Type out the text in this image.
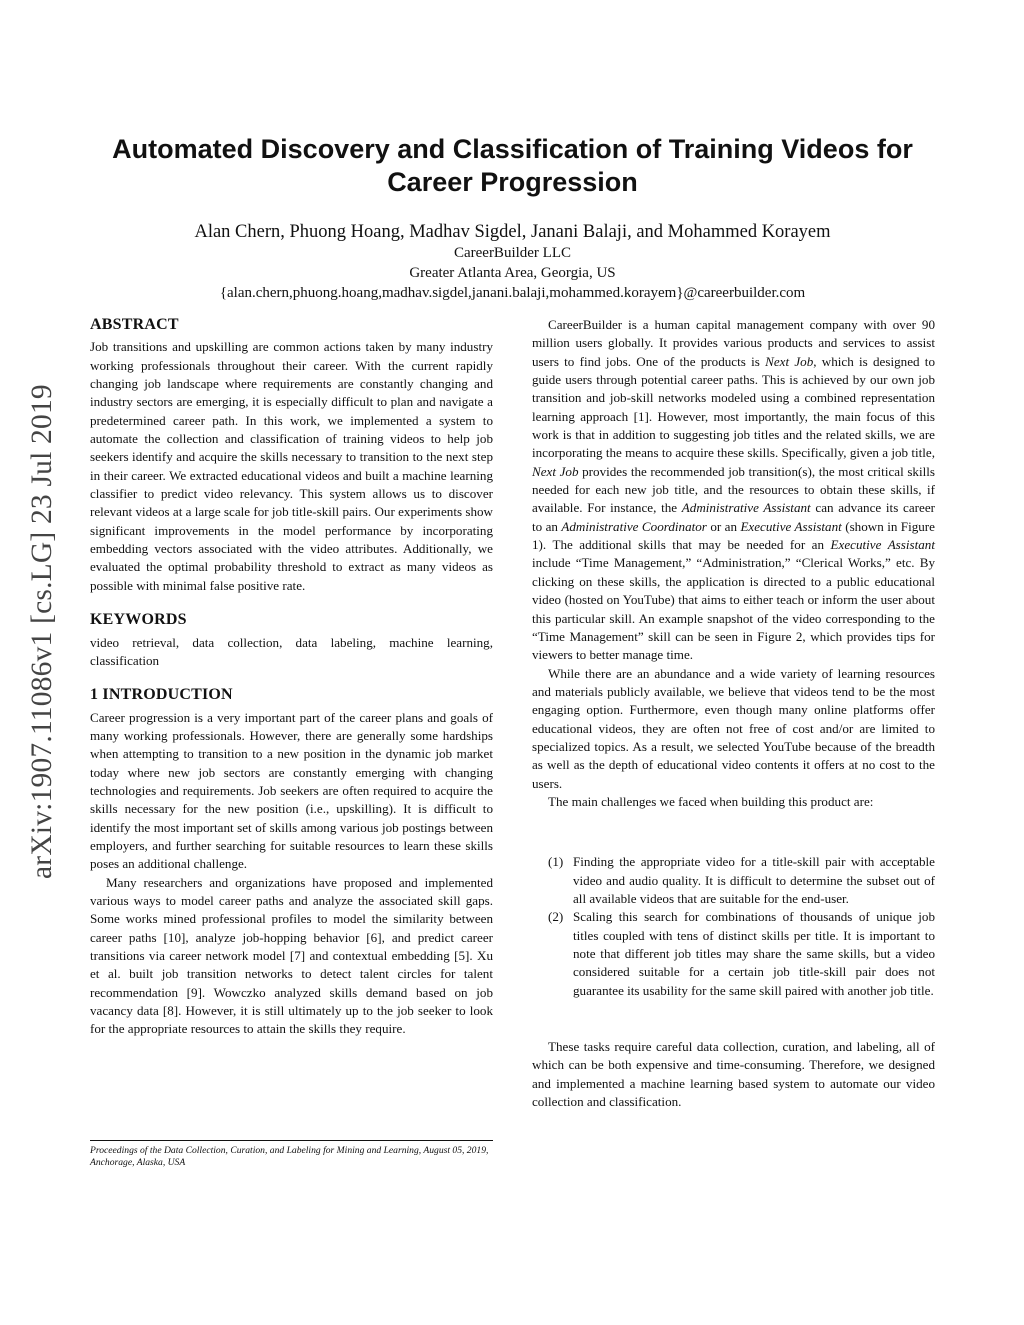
arXiv:1907.11086v1 [cs.LG] 23 Jul 2019
Automated Discovery and Classification of Training Videos for
Career Progression
Alan Chern, Phuong Hoang, Madhav Sigdel, Janani Balaji, and Mohammed Korayem
CareerBuilder LLC
Greater Atlanta Area, Georgia, US
{alan.chern,phuong.hoang,madhav.sigdel,janani.balaji,mohammed.korayem}@careerbuilder.com
ABSTRACT

Job transitions and upskilling are common actions taken by many industry working professionals throughout their career. With the current rapidly changing job landscape where requirements are constantly changing and industry sectors are emerging, it is especially difficult to plan and navigate a predetermined career path. In this work, we implemented a system to automate the collection and classification of training videos to help job seekers identify and acquire the skills necessary to transition to the next step in their career. We extracted educational videos and built a machine learning classifier to predict video relevancy. This system allows us to discover relevant videos at a large scale for job title-skill pairs. Our experiments show significant improvements in the model performance by incorporating embedding vectors associated with the video attributes. Additionally, we evaluated the optimal probability threshold to extract as many videos as possible with minimal false positive rate.

KEYWORDS

video retrieval, data collection, data labeling, machine learning, classification

1 INTRODUCTION

Career progression is a very important part of the career plans and goals of many working professionals. However, there are generally some hardships when attempting to transition to a new position in the dynamic job market today where new job sectors are constantly emerging with changing technologies and requirements. Job seekers are often required to acquire the skills necessary for the new position (i.e., upskilling). It is difficult to identify the most important set of skills among various job postings between employers, and further searching for suitable resources to learn these skills poses an additional challenge.

Many researchers and organizations have proposed and implemented various ways to model career paths and analyze the associated skill gaps. Some works mined professional profiles to model the similarity between career paths [10], analyze job-hopping behavior [6], and predict career transitions via career network model [7] and contextual embedding [5]. Xu et al. built job transition networks to detect talent circles for talent recommendation [9]. Wowczko analyzed skills demand based on job vacancy data [8]. However, it is still ultimately up to the job seeker to look for the appropriate resources to attain the skills they require.

Proceedings of the Data Collection, Curation, and Labeling for Mining and Learning, August 05, 2019, Anchorage, Alaska, USA

CareerBuilder is a human capital management company with over 90 million users globally. It provides various products and services to assist users to find jobs. One of the products is Next Job, which is designed to guide users through potential career paths. This is achieved by our own job transition and job-skill networks modeled using a combined representation learning approach [1]. However, most importantly, the main focus of this work is that in addition to suggesting job titles and the related skills, we are incorporating the means to acquire these skills. Specifically, given a job title, Next Job provides the recommended job transition(s), the most critical skills needed for each new job title, and the resources to obtain these skills, if available. For instance, the Administrative Assistant can advance its career to an Administrative Coordinator or an Executive Assistant (shown in Figure 1). The additional skills that may be needed for an Executive Assistant include “Time Management,” “Administration,” “Clerical Works,” etc. By clicking on these skills, the application is directed to a public educational video (hosted on YouTube) that aims to either teach or inform the user about this particular skill. An example snapshot of the video corresponding to the “Time Management” skill can be seen in Figure 2, which provides tips for viewers to better manage time.

While there are an abundance and a wide variety of learning resources and materials publicly available, we believe that videos tend to be the most engaging option. Furthermore, even though many online platforms offer educational videos, they are often not free of cost and/or are limited to specialized topics. As a result, we selected YouTube because of the breadth as well as the depth of educational video contents it offers at no cost to the users.

The main challenges we faced when building this product are:

(1) Finding the appropriate video for a title-skill pair with acceptable video and audio quality. It is difficult to determine the subset out of all available videos that are suitable for the end-user.
(2) Scaling this search for combinations of thousands of unique job titles coupled with tens of distinct skills per title. It is important to note that different job titles may share the same skills, but a video considered suitable for a certain job title-skill pair does not guarantee its usability for the same skill paired with another job title.

These tasks require careful data collection, curation, and labeling, all of which can be both expensive and time-consuming. Therefore, we designed and implemented a machine learning based system to automate our video collection and classification.
